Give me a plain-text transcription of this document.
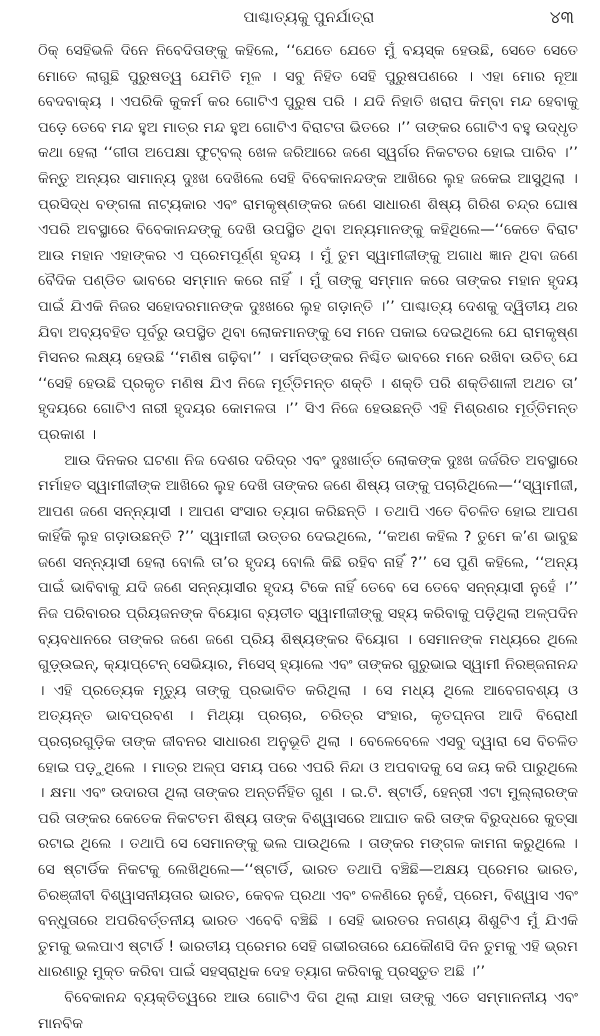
ପାଶ୍ଚାତ୍ୟକୁ ପୁନର୍ଯାତ୍ରା	୪୩

ଠିକ୍ ସେହିଭଳି ଦିନେ ନିବେଦିତାଙ୍କୁ କହିଲେ, ‘‘ଯେତେ ଯେତେ ମୁଁ ବୟସ୍କ ହେଉଛି, ସେତେ ସେତେ ମୋତେ ଲାଗୁଛି ପୁରୁଷତ୍ୱ ଯେମିତି ମୂଳ । ସବୁ ନିହିତ ସେହି ପୁରୁଷପଣରେ । ଏହା ମୋର ନୂଆ ବେଦବାକ୍ୟ । ଏପରିକି କୁକର୍ମ କର ଗୋଟିଏ ପୁରୁଷ ପରି । ଯଦି ନିହାତି ଖରାପ କିମ୍ବା ମନ୍ଦ ହେବାକୁ ପଡ଼େ ତେବେ ମନ୍ଦ ହୁଅ ମାତ୍ର ମନ୍ଦ ହୁଅ ଗୋଟିଏ ବିରାଟତା ଭିତରେ ।’’ ତାଙ୍କର ଗୋଟିଏ ବହୁ ଉଦ୍ଧୃତ କଥା ହେଲା ‘‘ଗୀତା ଅପେକ୍ଷା ଫୁଟ୍‌ବଲ୍ ଖେଳ ଜରିଆରେ ଜଣେ ସ୍ୱର୍ଗର ନିକଟତର ହୋଇ ପାରିବ ।’’ କିନ୍ତୁ ଅନ୍ୟର ସାମାନ୍ୟ ଦୁଃଖ ଦେଖିଲେ ସେହି ବିବେକାନନ୍ଦଙ୍କ ଆଖିରେ ଲୁହ ଜକେଇ ଆସୁଥିଲା । ପ୍ରସିଦ୍ଧ ବଙ୍ଗଳା ନାଟ୍ୟକାର ଏବଂ ରାମକୃଷ୍ଣଙ୍କର ଜଣେ ସାଧାରଣ ଶିଷ୍ୟ ଗିରିଶ ଚନ୍ଦ୍ର ଘୋଷ ଏପରି ଅବସ୍ଥାରେ ବିବେକାନନ୍ଦଙ୍କୁ ଦେଖି ଉପସ୍ଥିତ ଥିବା ଅନ୍ୟମାନଙ୍କୁ କହିଥିଲେ—‘‘କେତେ ବିରାଟ ଆଉ ମହାନ ଏହାଙ୍କର ଏ ପ୍ରେମପୂର୍ଣ୍ଣ ହୃଦୟ । ମୁଁ ତୁମ ସ୍ୱାମୀଜୀଙ୍କୁ ଅଗାଧ ଜ୍ଞାନ ଥିବା ଜଣେ ବୈଦିକ ପଣ୍ଡିତ ଭାବରେ ସମ୍ମାନ କରେ ନାହିଁ । ମୁଁ ତାଙ୍କୁ ସମ୍ମାନ କରେ ତାଙ୍କର ମହାନ ହୃଦୟ ପାଇଁ ଯିଏକି ନିଜର ସହୋଦରମାନଙ୍କ ଦୁଃଖରେ ଲୁହ ଗଡ଼ାନ୍ତି ।’’ ପାଶ୍ଚାତ୍ୟ ଦେଶକୁ ଦ୍ୱିତୀୟ ଥର ଯିବା ଅବ୍ୟବହିତ ପୂର୍ବରୁ ଉପସ୍ଥିତ ଥିବା ଲୋକମାନଙ୍କୁ ସେ ମନେ ପକାଇ ଦେଇଥିଲେ ଯେ ରାମକୃଷ୍ଣ ମିସନର ଲକ୍ଷ୍ୟ ହେଉଛି ‘‘ମଣିଷ ଗଢ଼ିବା’’ । ସର୍ମସ୍ତଙ୍କର ନିଶ୍ଚିତ ଭାବରେ ମନେ ରଖିବା ଉଚିତ୍ ଯେ ‘‘ସେହି ହେଉଛି ପ୍ରକୃତ ମଣିଷ ଯିଏ ନିଜେ ମୂର୍ତ୍ତିମନ୍ତ ଶକ୍ତି । ଶକ୍ତି ପରି ଶକ୍ତିଶାଳୀ ଅଥଚ ତା’ ହୃଦୟରେ ଗୋଟିଏ ନାରୀ ହୃଦୟର କୋମଳତା ।’’ ସିଏ ନିଜେ ହେଉଛନ୍ତି ଏହି ମିଶ୍ରଣର ମୂର୍ତ୍ତିମନ୍ତ ପ୍ରକାଶ ।

ଆଉ ଦିନକର ଘଟଣା ନିଜ ଦେଶର ଦରିଦ୍ର ଏବଂ ଦୁଃଖାର୍ତ୍ତ ଲୋକଙ୍କ ଦୁଃଖ ଜର୍ଜରିତ ଅବସ୍ଥାରେ ମର୍ମାହତ ସ୍ୱାମୀଜୀଙ୍କ ଆଖିରେ ଲୁହ ଦେଖି ତାଙ୍କର ଜଣେ ଶିଷ୍ୟ ତାଙ୍କୁ ପଚାରିଥିଲେ—‘‘ସ୍ୱାମୀଜୀ, ଆପଣ ଜଣେ ସନ୍ନ୍ୟାସୀ । ଆପଣ ସଂସାର ତ୍ୟାଗ କରିଛନ୍ତି । ତଥାପି ଏତେ ବିଚଳିତ ହୋଇ ଆପଣ କାହିଁକି ଲୁହ ଗଡ଼ାଉଛନ୍ତି ?’’ ସ୍ୱାମୀଜୀ ଉତ୍ତର ଦେଇଥିଲେ, ‘‘କଅଣ କହିଲ ? ତୁମେ କ’ଣ ଭାବୁଛ ଜଣେ ସନ୍ନ୍ୟାସୀ ହେଲା ବୋଲି ତା’ର ହୃଦୟ ବୋଲି କିଛି ରହିବ ନାହିଁ ?’’ ସେ ପୁଣି କହିଲେ, ‘‘ଅନ୍ୟ ପାଇଁ ଭାବିବାକୁ ଯଦି ଜଣେ ସନ୍ନ୍ୟାସୀର ହୃଦୟ ଟିକେ ନାହିଁ ତେବେ ସେ ତେବେ ସନ୍ନ୍ୟାସୀ ନୁହେଁ ।’’ ନିଜ ପରିବାରର ପ୍ରିୟଜନଙ୍କ ବିୟୋଗ ବ୍ୟତୀତ ସ୍ୱାମୀଜୀଙ୍କୁ ସହ୍ୟ କରିବାକୁ ପଡ଼ିଥିଲା ଅଳ୍ପଦିନ ବ୍ୟବଧାନରେ ତାଙ୍କର ଜଣେ ଜଣେ ପ୍ରିୟ ଶିଷ୍ୟଙ୍କର ବିୟୋଗ । ସେମାନଙ୍କ ମଧ୍ୟରେ ଥିଲେ ଗୁଡ଼୍‌ଉଇନ୍, କ୍ୟାପ୍‌ଟେନ୍ ସେଭିୟାର, ମିସେସ୍ ହ୍ୟାଲେ ଏବଂ ତାଙ୍କର ଗୁରୁଭାଇ ସ୍ୱାମୀ ନିରଞ୍ଜନାନନ୍ଦ । ଏହି ପ୍ରତ୍ୟେକ ମୃତ୍ୟୁ ତାଙ୍କୁ ପ୍ରଭାବିତ କରିଥିଲା । ସେ ମଧ୍ୟ ଥିଲେ ଆବେଗବଶ୍ୟ ଓ ଅତ୍ୟନ୍ତ ଭାବପ୍ରବଣ । ମିଥ୍ୟା ପ୍ରଚାର, ଚରିତ୍ର ସଂହାର, କୃତଘ୍ନତା ଆଦି ବିରୋଧୀ ପ୍ରଚାରଗୁଡ଼ିକ ତାଙ୍କ ଜୀବନର ସାଧାରଣ ଅନୁଭୂତି ଥିଲା । ବେଳେବେଳେ ଏସବୁ ଦ୍ୱାରା ସେ ବିଚଳିତ ହୋଇ ପଡ଼ୁଥିଲେ । ମାତ୍ର ଅଳ୍ପ ସମୟ ପରେ ଏପରି ନିନ୍ଦା ଓ ଅପବାଦକୁ ସେ ଜୟ କରି ପାରୁଥିଲେ । କ୍ଷମା ଏବଂ ଉଦାରତା ଥିଲା ତାଙ୍କର ଅନ୍ତର୍ନିହିତ ଗୁଣ । ଇ.ଟି. ଷ୍ଟାର୍ଡି, ହେନ୍‌ରୀ ଏଟା ମୁଲ୍ଲାରଙ୍କ ପରି ତାଙ୍କର କେତେକ ନିକଟତମ ଶିଷ୍ୟ ତାଙ୍କ ବିଶ୍ୱାସରେ ଆଘାତ କରି ତାଙ୍କ ବିରୁଦ୍ଧରେ କୁତ୍ସା ରଟାଇ ଥିଲେ । ତଥାପି ସେ ସେମାନଙ୍କୁ ଭଲ ପାଉଥିଲେ । ତାଙ୍କର ମଙ୍ଗଳ କାମନା କରୁଥିଲେ । ସେ ଷ୍ଟାର୍ଡିକ ନିକଟକୁ ଲେଖିଥିଲେ—‘‘ଷ୍ଟାର୍ଡି, ଭାରତ ତଥାପି ବଞ୍ଚିଛି—ଅକ୍ଷୟ ପ୍ରେମର ଭାରତ, ଚିରଞ୍ଜୀବୀ ବିଶ୍ୱାସନୀୟତାର ଭାରତ, କେବଳ ପ୍ରଥା ଏବଂ ଚଳଣିରେ ନୁହେଁ, ପ୍ରେମ, ବିଶ୍ୱାସ ଏବଂ ବନ୍ଧୁତାରେ ଅପରିବର୍ତ୍ତନୀୟ ଭାରତ ଏବେବି ବଞ୍ଚିଛି । ସେହି ଭାରତର ନଗଣ୍ୟ ଶିଶୁଟିଏ ମୁଁ ଯିଏକି ତୁମକୁ ଭଲପାଏ ଷ୍ଟାର୍ଡି ! ଭାରତୀୟ ପ୍ରେମର ସେହି ଗଭୀରତାରେ ଯେକୌଣସି ଦିନ ତୁମକୁ ଏହି ଭ୍ରମ ଧାରଣାରୁ ମୁକ୍ତ କରିବା ପାଇଁ ସହସ୍ରାଧିକ ଦେହ ତ୍ୟାଗ କରିବାକୁ ପ୍ରସ୍ତୁତ ଅଛି ।’’

ବିବେକାନନ୍ଦ ବ୍ୟକ୍ତିତ୍ୱରେ ଆଉ ଗୋଟିଏ ଦିଗ ଥିଲା ଯାହା ତାଙ୍କୁ ଏତେ ସମ୍ମାନନୀୟ ଏବଂ ମାନବିକ
